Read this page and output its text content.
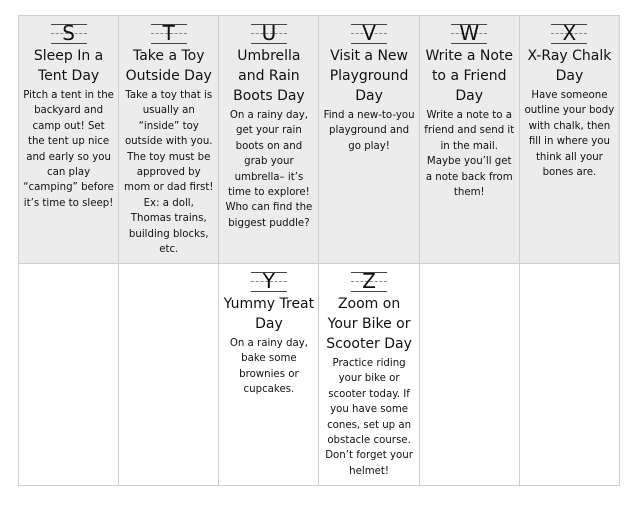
S
Sleep In a Tent Day
Pitch a tent in the backyard and camp out! Set the tent up nice and early so you can play “camping” before it’s time to sleep!
T
Take a Toy Outside Day
Take a toy that is usually an “inside” toy outside with you. The toy must be approved by mom or dad first! Ex: a doll, Thomas trains, building blocks, etc.
U
Umbrella and Rain Boots Day
On a rainy day, get your rain boots on and grab your umbrella– it’s time to explore! Who can find the biggest puddle?
V
Visit a New Playground Day
Find a new-to-you playground and go play!
W
Write a Note to a Friend Day
Write a note to a friend and send it in the mail. Maybe you’ll get a note back from them!
X
X-Ray Chalk Day
Have someone outline your body with chalk, then fill in where you think all your bones are.
Y
Yummy Treat Day
On a rainy day, bake some brownies or cupcakes.
Z
Zoom on Your Bike or Scooter Day
Practice riding your bike or scooter today. If you have some cones, set up an obstacle course. Don’t forget your helmet!
